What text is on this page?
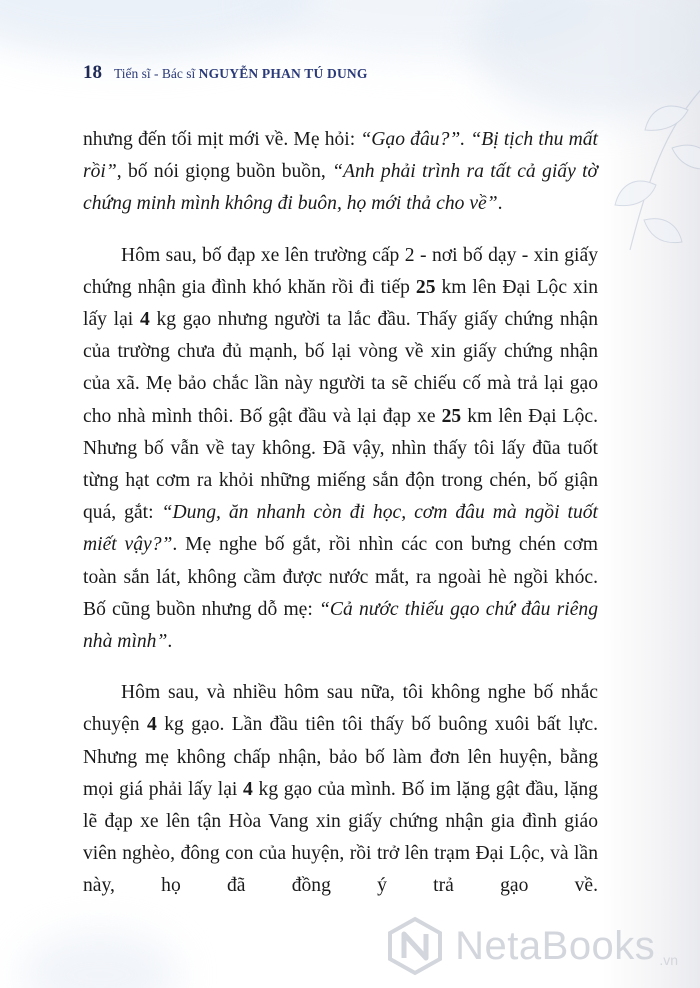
18 Tiến sĩ - Bác sĩ NGUYỄN PHAN TÚ DUNG

nhưng đến tối mịt mới về. Mẹ hỏi: “Gạo đâu?”. “Bị tịch thu mất rồi”, bố nói giọng buồn buồn, “Anh phải trình ra tất cả giấy tờ chứng minh mình không đi buôn, họ mới thả cho về”.

Hôm sau, bố đạp xe lên trường cấp 2 - nơi bố dạy - xin giấy chứng nhận gia đình khó khăn rồi đi tiếp 25 km lên Đại Lộc xin lấy lại 4 kg gạo nhưng người ta lắc đầu. Thấy giấy chứng nhận của trường chưa đủ mạnh, bố lại vòng về xin giấy chứng nhận của xã. Mẹ bảo chắc lần này người ta sẽ chiếu cố mà trả lại gạo cho nhà mình thôi. Bố gật đầu và lại đạp xe 25 km lên Đại Lộc. Nhưng bố vẫn về tay không. Đã vậy, nhìn thấy tôi lấy đũa tuốt từng hạt cơm ra khỏi những miếng sắn độn trong chén, bố giận quá, gắt: “Dung, ăn nhanh còn đi học, cơm đâu mà ngồi tuốt miết vậy?”. Mẹ nghe bố gắt, rồi nhìn các con bưng chén cơm toàn sắn lát, không cầm được nước mắt, ra ngoài hè ngồi khóc. Bố cũng buồn nhưng dỗ mẹ: “Cả nước thiếu gạo chứ đâu riêng nhà mình”.

Hôm sau, và nhiều hôm sau nữa, tôi không nghe bố nhắc chuyện 4 kg gạo. Lần đầu tiên tôi thấy bố buông xuôi bất lực. Nhưng mẹ không chấp nhận, bảo bố làm đơn lên huyện, bằng mọi giá phải lấy lại 4 kg gạo của mình. Bố im lặng gật đầu, lặng lẽ đạp xe lên tận Hòa Vang xin giấy chứng nhận gia đình giáo viên nghèo, đông con của huyện, rồi trở lên trạm Đại Lộc, và lần này, họ đã đồng ý trả gạo về.

NetaBooks .vn
